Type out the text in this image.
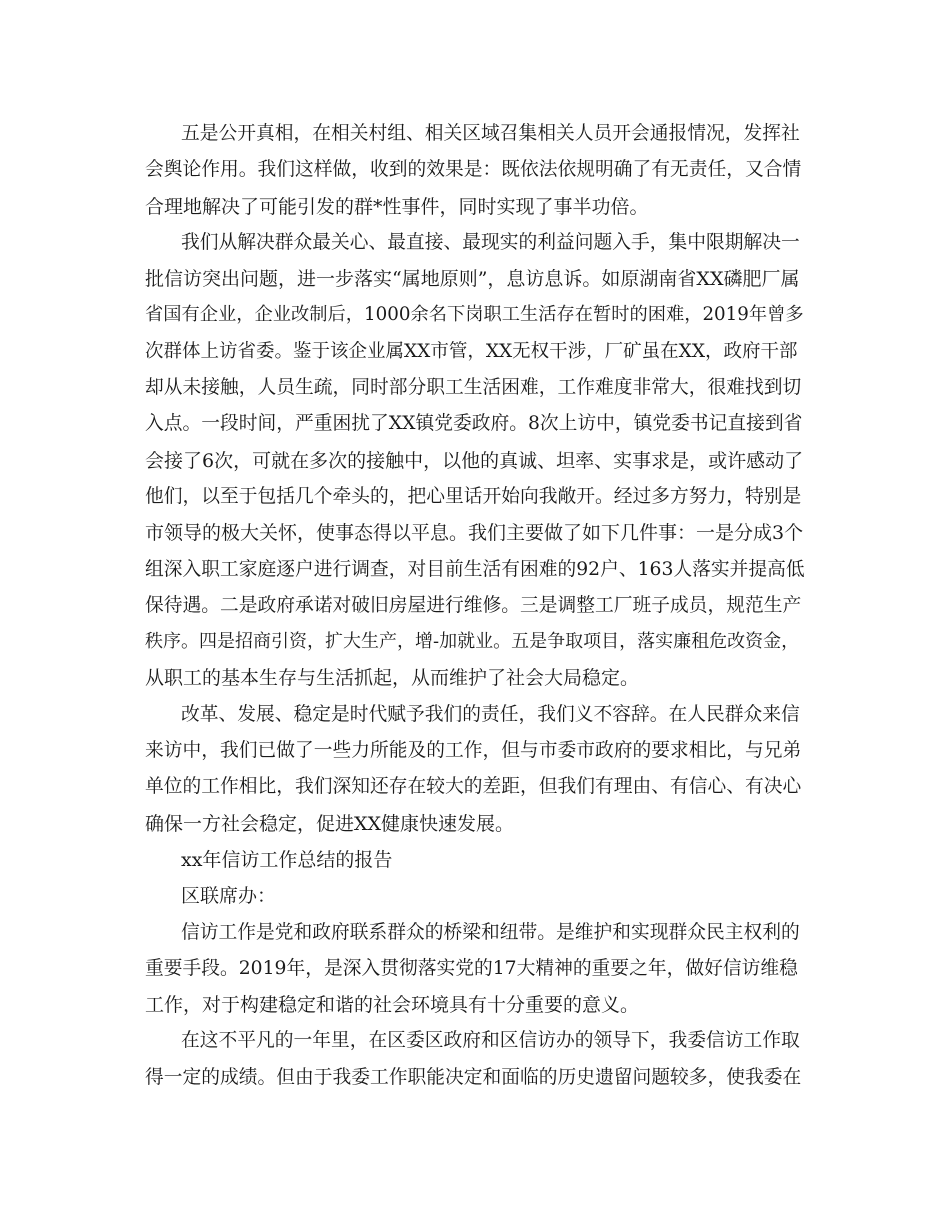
五是公开真相，在相关村组、相关区域召集相关人员开会通报情况，发挥社
会舆论作用。我们这样做，收到的效果是：既依法依规明确了有无责任，又合情
合理地解决了可能引发的群*性事件，同时实现了事半功倍。
我们从解决群众最关心、最直接、最现实的利益问题入手，集中限期解决一
批信访突出问题，进一步落实“属地原则”，息访息诉。如原湖南省XX磷肥厂属
省国有企业，企业改制后，1000余名下岗职工生活存在暂时的困难，2019年曾多
次群体上访省委。鉴于该企业属XX市管，XX无权干涉，厂矿虽在XX，政府干部
却从未接触，人员生疏，同时部分职工生活困难，工作难度非常大，很难找到切
入点。一段时间，严重困扰了XX镇党委政府。8次上访中，镇党委书记直接到省
会接了6次，可就在多次的接触中，以他的真诚、坦率、实事求是，或许感动了
他们，以至于包括几个牵头的，把心里话开始向我敞开。经过多方努力，特别是
市领导的极大关怀，使事态得以平息。我们主要做了如下几件事：一是分成3个
组深入职工家庭逐户进行调查，对目前生活有困难的92户、163人落实并提高低
保待遇。二是政府承诺对破旧房屋进行维修。三是调整工厂班子成员，规范生产
秩序。四是招商引资，扩大生产，增-加就业。五是争取项目，落实廉租危改资金，
从职工的基本生存与生活抓起，从而维护了社会大局稳定。
改革、发展、稳定是时代赋予我们的责任，我们义不容辞。在人民群众来信
来访中，我们已做了一些力所能及的工作，但与市委市政府的要求相比，与兄弟
单位的工作相比，我们深知还存在较大的差距，但我们有理由、有信心、有决心
确保一方社会稳定，促进XX健康快速发展。
xx年信访工作总结的报告
区联席办：
信访工作是党和政府联系群众的桥梁和纽带。是维护和实现群众民主权利的
重要手段。2019年，是深入贯彻落实党的17大精神的重要之年，做好信访维稳
工作，对于构建稳定和谐的社会环境具有十分重要的意义。
在这不平凡的一年里，在区委区政府和区信访办的领导下，我委信访工作取
得一定的成绩。但由于我委工作职能决定和面临的历史遗留问题较多，使我委在
